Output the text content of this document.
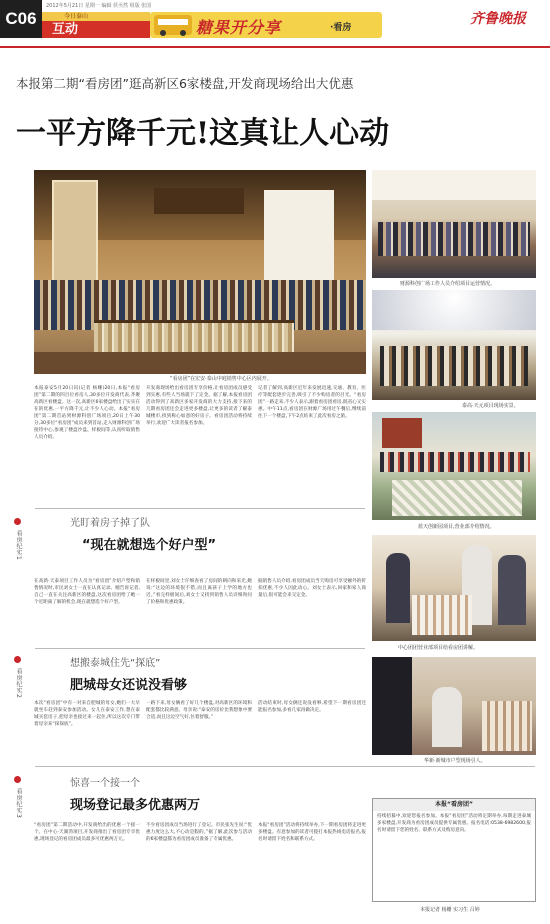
C06
2012年5月21日 星期一 编辑 侯丞然 组版 张国
今日泰山
互动	糖果开分享	·看房
齐鲁晚报
本报第二期“看房团”逛高新区6家楼盘,开发商现场给出大优惠
一平方降千元!这真让人心动
“看房团”在宏安·泰山中庭销售中心区内展开。
本报泰安5月20日讯(记者 杨姗)20日,本报“看房团”第二期的四百位看房人,30多位开发商代表,齐聚高新区看楼盘。这一次,高新区6家楼盘给出了实实在在的优惠,一平方降千元,让不少人心动。本报“看房团”第二期首站到财源科创广场项目,20日上午30分,30多位“看房团”成员来到首站,走入财源科创广场接待中心,参观了楼盘沙盘、样板间等,认真听取销售人员介绍。
开发商现场给出看房团专享价格,让看房团成员感受到实惠,有些人当场就下了定金。据了解,本报看房团活动得到了高新区多家开发商的大力支持,接下来的几期看房团还会走进更多楼盘,让更多的读者了解泰城楼市,找到称心如意的好房子。看房团活动将持续举行,欢迎广大读者报名参加。
记者了解到,高新区近年来发展迅速,交通、教育、医疗等配套逐步完善,吸引了不少购房者的目光。“看房团”一路走来,不少人表示,跟着看房团看房,既省心又实惠。中午11点,看房团在财源广场用过午餐后,继续前往下一个楼盘,下午2点结束了此次看房之旅。
财源科创广场工作人员介绍项目运营情况。
泰高·天元项目现场实景。
蓝天创新园项目,营业部介绍情况。
中心团团营业部项目给看房团讲解。
华新·新城市户型现场引人。
看房纪实1
光盯着房子掉了队
“现在就想选个好户型”
在高新·天泰项目工作人员为“看房团”介绍户型和销售情况时,市民刘女士一直在认真记录。她告诉记者,自己一直在关注高新区的楼盘,这次看房团给了她一个近距离了解的机会,现在就想选个好户型。
在样板间里,刘女士仔细查看了房间的朝向和采光,她说:“这边的环境很不错,而且离孩子上学的地方也近。”看完样板间后,刘女士又找到销售人员详细询问了价格和优惠政策。
据销售人员介绍,看房团成员当天购房可享受额外的折扣优惠,不少人因此动心。刘女士表示,回家和家人商量后,很可能会来交定金。
看房纪实2
想搬泰城住先“探底”
肥城母女还说没看够
本次“看房团”中有一对来自肥城的母女,她们一大早就坐车赶到泰安参加活动。女儿在泰安工作,想在泰城买套房子,把母亲也接过来一起住,所以这次专门带着母亲来“探探底”。
一路下来,母女俩看了好几个楼盘,对高新区的环境和配套都比较满意。母亲说:“泰安的房价比我想象中要合适,而且这边空气好,住着舒服。”
活动结束时,母女俩还说没看够,希望下一期看房团还能报名参加,多看几家再做决定。
看房纪实3
惊喜一个接一个
现场登记最多优惠两万
“看房团”第二期活动中,开发商给出的优惠一个接一个。在中心·天湖湾项目,开发商推出了看房团专享优惠,现场登记的看房团成员最多可优惠两万元。
不少看房团成员当场进行了登记。市民张先生说:“优惠力度这么大,不心动是假的。”据了解,此次参与活动的6家楼盘都为看房团成员准备了专属优惠。
本报“看房团”活动将持续举办,下一期看房团将走进更多楼盘。有意参加的读者可拨打本报热线电话报名,报名时请留下姓名和联系方式。
本报“看房团”
持续招募中,欢迎您报名参加。本报“看房团”活动将定期举办,每期走进泰城多家楼盘,开发商为看房团成员提供专属优惠。报名电话:0538-6982600,报名时请留下您的姓名、联系方式及购房意向。
本报记者 杨姗 实习生 吕婷
